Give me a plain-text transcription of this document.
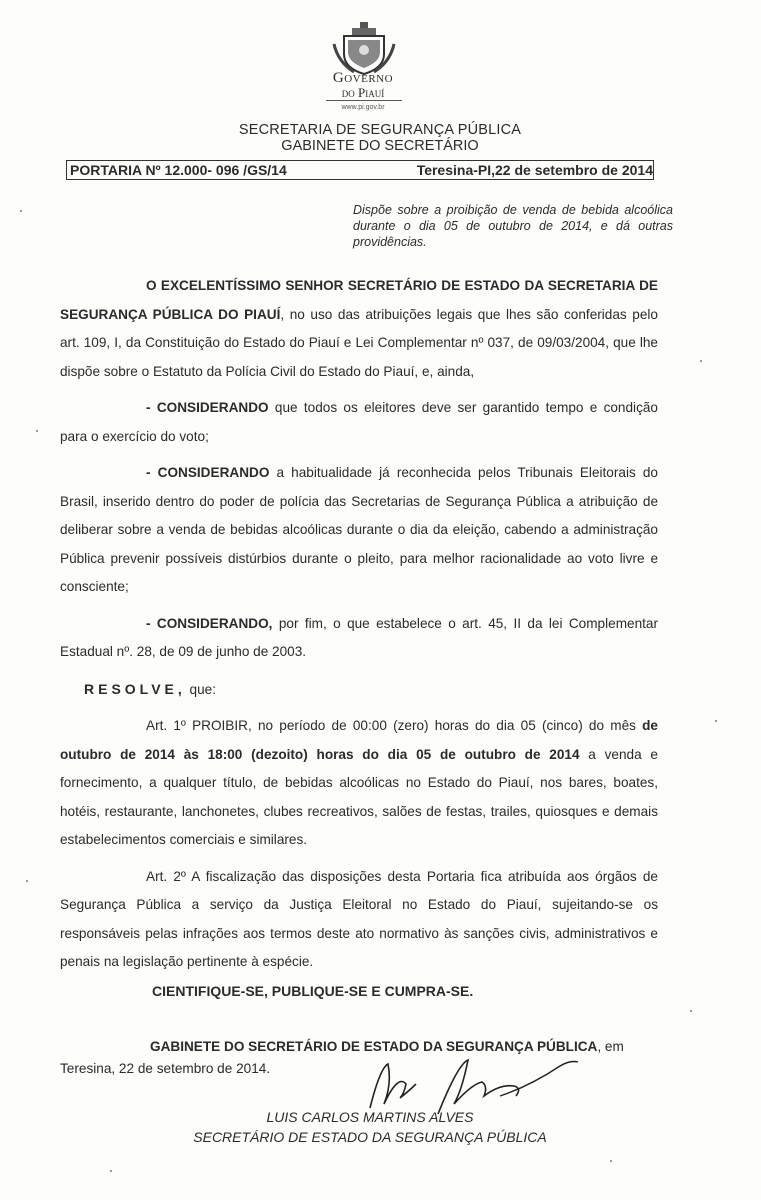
Governo
do Piauí
www.pi.gov.br
SECRETARIA DE SEGURANÇA PÚBLICA
GABINETE DO SECRETÁRIO
PORTARIA Nº 12.000- 096 /GS/14	Teresina-PI,22 de setembro de 2014
Dispõe sobre a proibição de venda de bebida alcoólica durante o dia 05 de outubro de 2014, e dá outras providências.

O EXCELENTÍSSIMO SENHOR SECRETÁRIO DE ESTADO DA SECRETARIA DE SEGURANÇA PÚBLICA DO PIAUÍ, no uso das atribuições legais que lhes são conferidas pelo art. 109, I, da Constituição do Estado do Piauí e Lei Complementar nº 037, de 09/03/2004, que lhe dispõe sobre o Estatuto da Polícia Civil do Estado do Piauí, e, ainda,

- CONSIDERANDO que todos os eleitores deve ser garantido tempo e condição para o exercício do voto;

- CONSIDERANDO a habitualidade já reconhecida pelos Tribunais Eleitorais do Brasil, inserido dentro do poder de polícia das Secretarias de Segurança Pública a atribuição de deliberar sobre a venda de bebidas alcoólicas durante o dia da eleição, cabendo a administração Pública prevenir possíveis distúrbios durante o pleito, para melhor racionalidade ao voto livre e consciente;

- CONSIDERANDO, por fim, o que estabelece o art. 45, II da lei Complementar Estadual nº. 28, de 09 de junho de 2003.

RESOLVE, que:

Art. 1º PROIBIR, no período de 00:00 (zero) horas do dia 05 (cinco) do mês de outubro de 2014 às 18:00 (dezoito) horas do dia 05 de outubro de 2014 a venda e fornecimento, a qualquer título, de bebidas alcoólicas no Estado do Piauí, nos bares, boates, hotéis, restaurante, lanchonetes, clubes recreativos, salões de festas, trailes, quiosques e demais estabelecimentos comerciais e similares.

Art. 2º A fiscalização das disposições desta Portaria fica atribuída aos órgãos de Segurança Pública a serviço da Justiça Eleitoral no Estado do Piauí, sujeitando-se os responsáveis pelas infrações aos termos deste ato normativo às sanções civis, administrativos e penais na legislação pertinente à espécie.

CIENTIFIQUE-SE, PUBLIQUE-SE E CUMPRA-SE.
GABINETE DO SECRETÁRIO DE ESTADO DA SEGURANÇA PÚBLICA, em
Teresina, 22 de setembro de 2014.
LUIS CARLOS MARTINS ALVES
SECRETÁRIO DE ESTADO DA SEGURANÇA PÚBLICA
